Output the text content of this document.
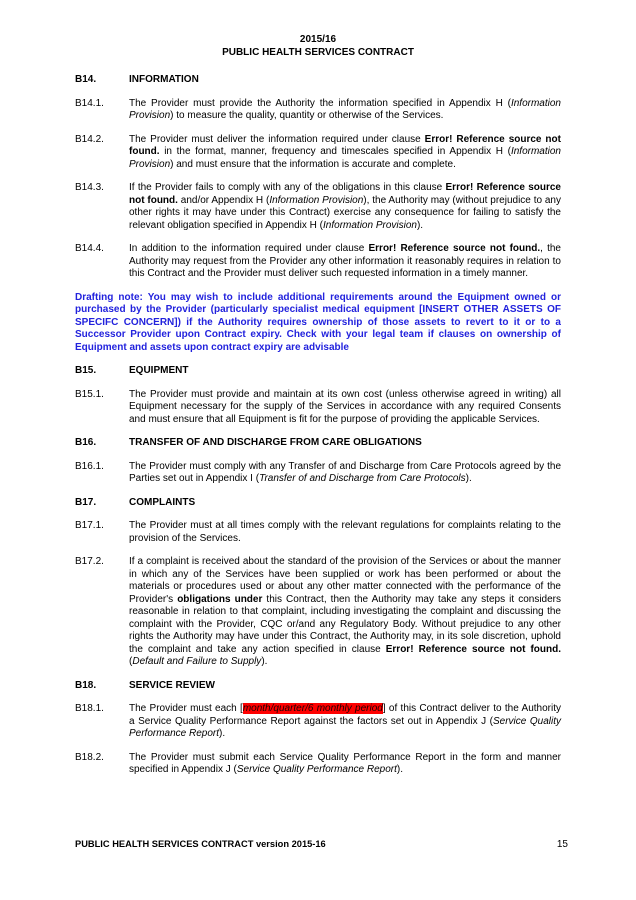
2015/16
PUBLIC HEALTH SERVICES CONTRACT
B14.	INFORMATION
B14.1.	The Provider must provide the Authority the information specified in Appendix H (Information Provision) to measure the quality, quantity or otherwise of the Services.
B14.2.	The Provider must deliver the information required under clause Error! Reference source not found. in the format, manner, frequency and timescales specified in Appendix H (Information Provision) and must ensure that the information is accurate and complete.
B14.3.	If the Provider fails to comply with any of the obligations in this clause Error! Reference source not found. and/or Appendix H (Information Provision), the Authority may (without prejudice to any other rights it may have under this Contract) exercise any consequence for failing to satisfy the relevant obligation specified in Appendix H (Information Provision).
B14.4.	In addition to the information required under clause Error! Reference source not found., the Authority may request from the Provider any other information it reasonably requires in relation to this Contract and the Provider must deliver such requested information in a timely manner.
Drafting note: You may wish to include additional requirements around the Equipment owned or purchased by the Provider (particularly specialist medical equipment [INSERT OTHER ASSETS OF SPECIFC CONCERN]) if the Authority requires ownership of those assets to revert to it or to a Successor Provider upon Contract expiry. Check with your legal team if clauses on ownership of Equipment and assets upon contract expiry are advisable
B15.	EQUIPMENT
B15.1.	The Provider must provide and maintain at its own cost (unless otherwise agreed in writing) all Equipment necessary for the supply of the Services in accordance with any required Consents and must ensure that all Equipment is fit for the purpose of providing the applicable Services.
B16.	TRANSFER OF AND DISCHARGE FROM CARE OBLIGATIONS
B16.1.	The Provider must comply with any Transfer of and Discharge from Care Protocols agreed by the Parties set out in Appendix I (Transfer of and Discharge from Care Protocols).
B17.	COMPLAINTS
B17.1.	The Provider must at all times comply with the relevant regulations for complaints relating to the provision of the Services.
B17.2.	If a complaint is received about the standard of the provision of the Services or about the manner in which any of the Services have been supplied or work has been performed or about the materials or procedures used or about any other matter connected with the performance of the Provider's obligations under this Contract, then the Authority may take any steps it considers reasonable in relation to that complaint, including investigating the complaint and discussing the complaint with the Provider, CQC or/and any Regulatory Body. Without prejudice to any other rights the Authority may have under this Contract, the Authority may, in its sole discretion, uphold the complaint and take any action specified in clause Error! Reference source not found. (Default and Failure to Supply).
B18.	SERVICE REVIEW
B18.1.	The Provider must each [month/quarter/6 monthly period] of this Contract deliver to the Authority a Service Quality Performance Report against the factors set out in Appendix J (Service Quality Performance Report).
B18.2.	The Provider must submit each Service Quality Performance Report in the form and manner specified in Appendix J (Service Quality Performance Report).
PUBLIC HEALTH SERVICES CONTRACT version 2015-16	15
